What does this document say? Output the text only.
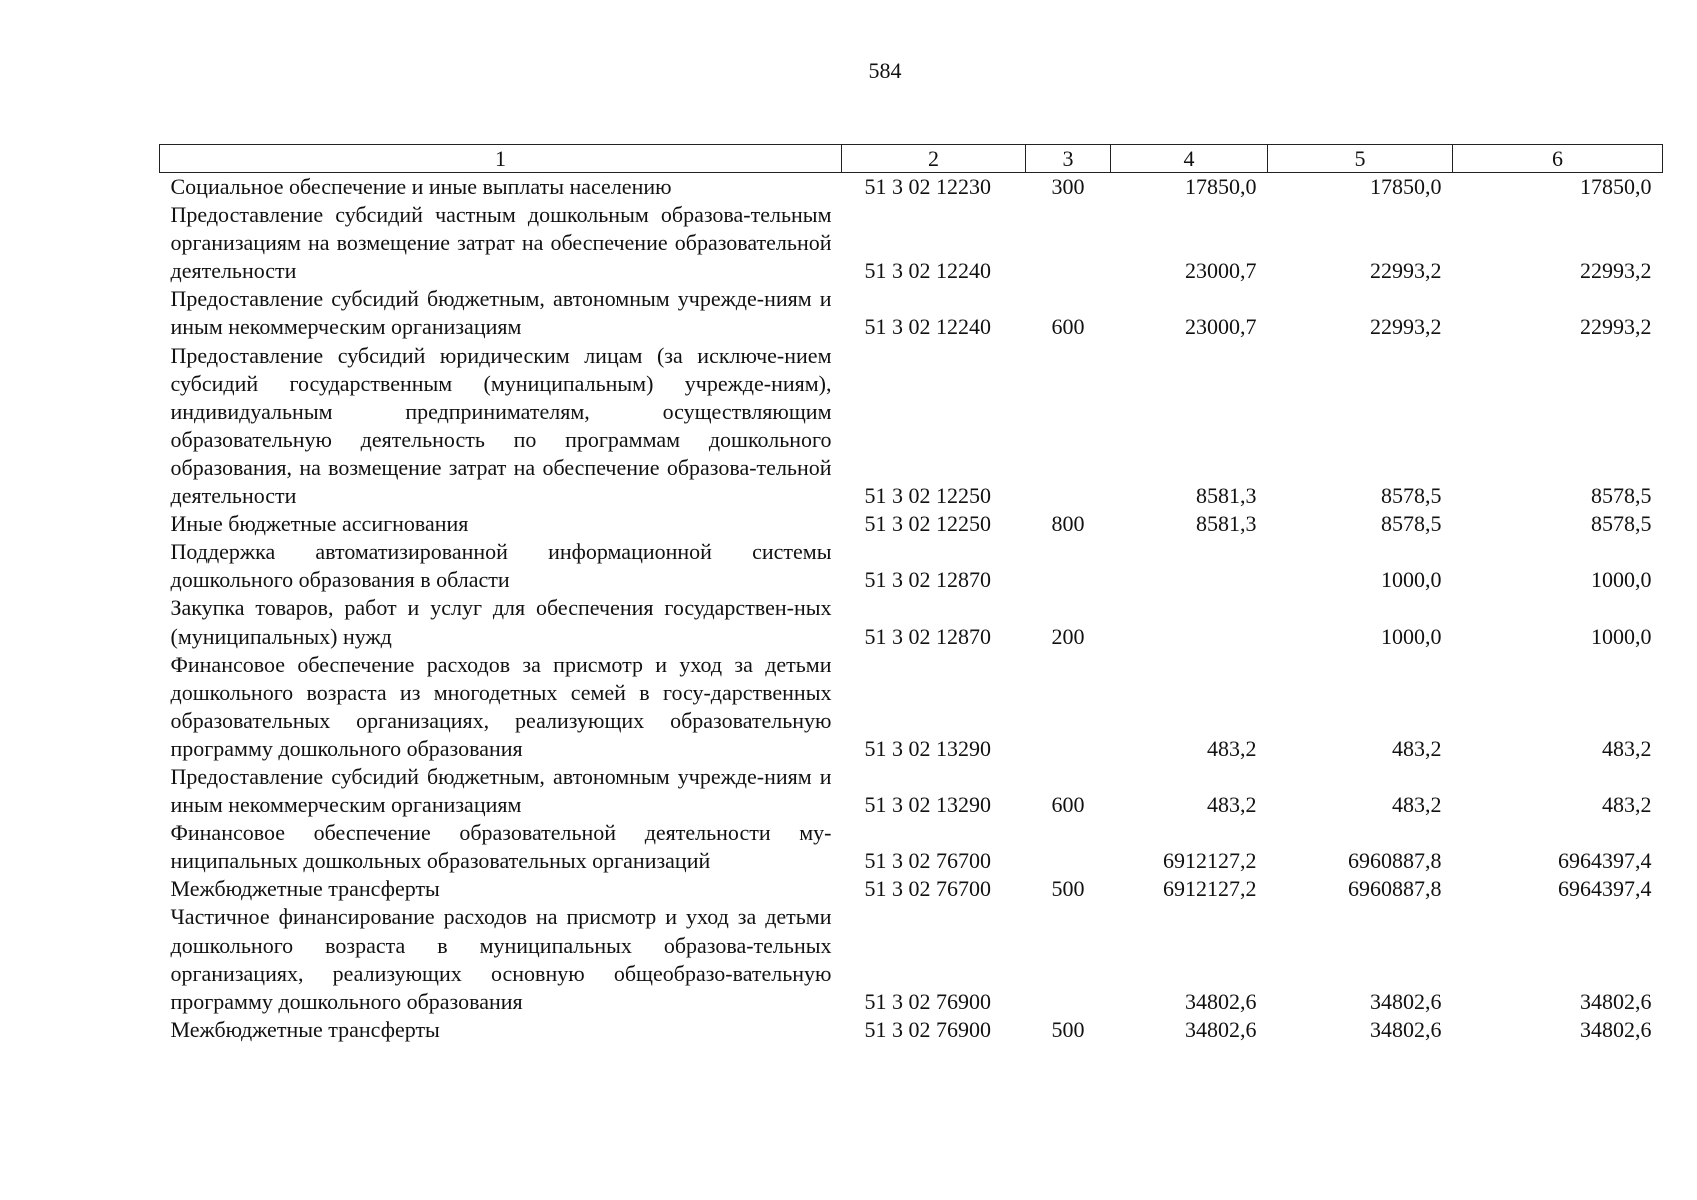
584
1	2	3	4	5	6
Социальное обеспечение и иные выплаты населению	51 3 02 12230	300	17850,0	17850,0	17850,0
Предоставление субсидий частным дошкольным образова-тельным организациям на возмещение затрат на обеспечение образовательной деятельности	51 3 02 12240		23000,7	22993,2	22993,2
Предоставление субсидий бюджетным, автономным учрежде-ниям и иным некоммерческим организациям	51 3 02 12240	600	23000,7	22993,2	22993,2
Предоставление субсидий юридическим лицам (за исключе-нием субсидий государственным (муниципальным) учрежде-ниям), индивидуальным предпринимателям, осуществляющим образовательную деятельность по программам дошкольного образования, на возмещение затрат на обеспечение образова-тельной деятельности	51 3 02 12250		8581,3	8578,5	8578,5
Иные бюджетные ассигнования	51 3 02 12250	800	8581,3	8578,5	8578,5
Поддержка автоматизированной информационной системы дошкольного образования в области	51 3 02 12870			1000,0	1000,0
Закупка товаров, работ и услуг для обеспечения государствен-ных (муниципальных) нужд	51 3 02 12870	200		1000,0	1000,0
Финансовое обеспечение расходов за присмотр и уход за детьми дошкольного возраста из многодетных семей в госу-дарственных образовательных организациях, реализующих образовательную программу дошкольного образования	51 3 02 13290		483,2	483,2	483,2
Предоставление субсидий бюджетным, автономным учрежде-ниям и иным некоммерческим организациям	51 3 02 13290	600	483,2	483,2	483,2
Финансовое обеспечение образовательной деятельности му-ниципальных дошкольных образовательных организаций	51 3 02 76700		6912127,2	6960887,8	6964397,4
Межбюджетные трансферты	51 3 02 76700	500	6912127,2	6960887,8	6964397,4
Частичное финансирование расходов на присмотр и уход за детьми дошкольного возраста в муниципальных образова-тельных организациях, реализующих основную общеобразо-вательную программу дошкольного образования	51 3 02 76900		34802,6	34802,6	34802,6
Межбюджетные трансферты	51 3 02 76900	500	34802,6	34802,6	34802,6
